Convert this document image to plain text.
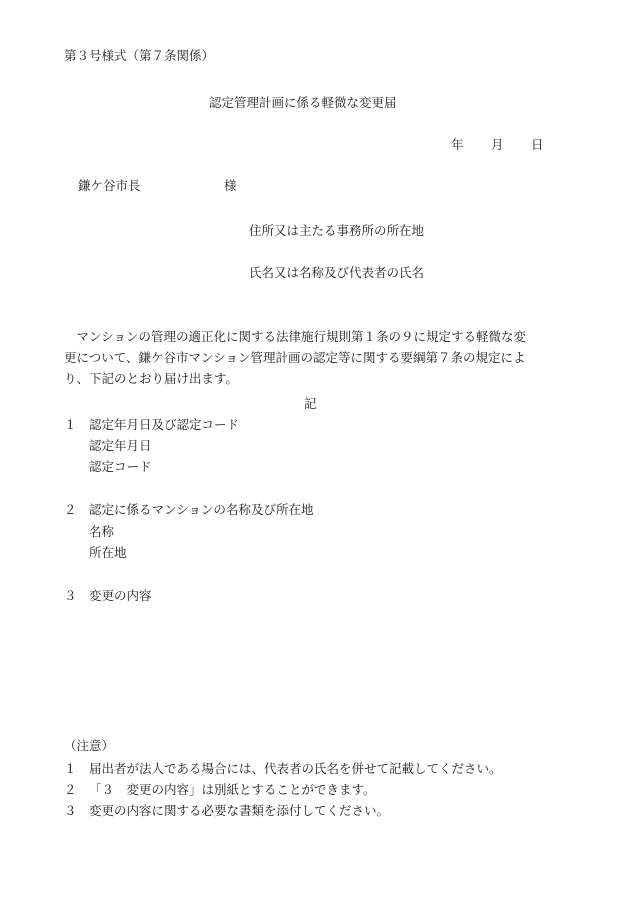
第３号様式（第７条関係）
認定管理計画に係る軽微な変更届
年 月 日
鎌ケ谷市長	様
住所又は主たる事務所の所在地
氏名又は名称及び代表者の氏名

　マンションの管理の適正化に関する法律施行規則第１条の９に規定する軽微な変

更について、鎌ケ谷市マンション管理計画の認定等に関する要綱第７条の規定によ

り、下記のとおり届け出ます。

記
１ 認定年月日及び認定コード
認定年月日
認定コード
２ 認定に係るマンションの名称及び所在地
名称
所在地
３ 変更の内容
（注意）
１ 届出者が法人である場合には、代表者の氏名を併せて記載してください。
２ 「３　変更の内容」は別紙とすることができます。
３ 変更の内容に関する必要な書類を添付してください。
